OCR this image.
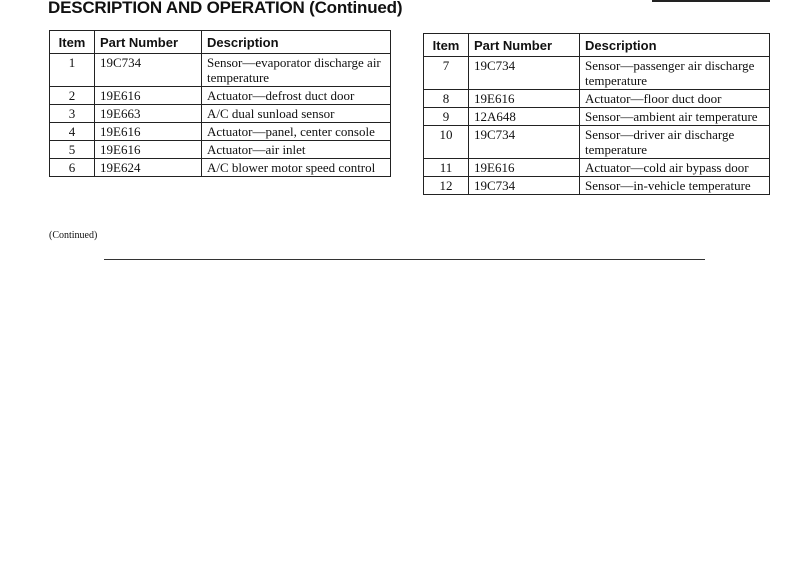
DESCRIPTION AND OPERATION (Continued)
Item	Part Number	Description
1	19C734	Sensor—evaporator discharge air temperature
2	19E616	Actuator—defrost duct door
3	19E663	A/C dual sunload sensor
4	19E616	Actuator—panel, center console
5	19E616	Actuator—air inlet
6	19E624	A/C blower motor speed control
(Continued)
Item	Part Number	Description
7	19C734	Sensor—passenger air discharge temperature
8	19E616	Actuator—floor duct door
9	12A648	Sensor—ambient air temperature
10	19C734	Sensor—driver air discharge temperature
11	19E616	Actuator—cold air bypass door
12	19C734	Sensor—in-vehicle temperature
